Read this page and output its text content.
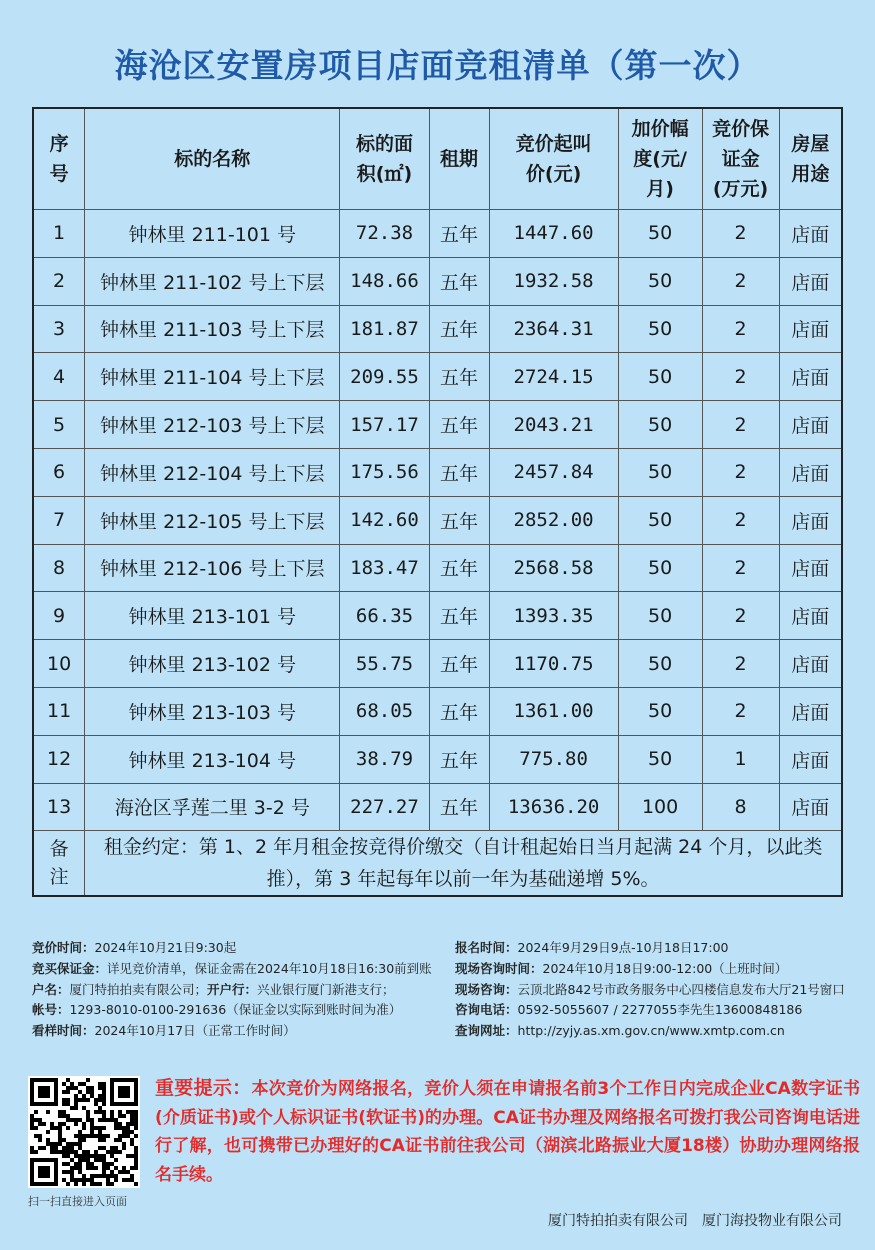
海沧区安置房项目店面竞租清单（第一次）
序号	标的名称	标的面积(㎡)	租期	竞价起叫价(元)	加价幅度(元/月)	竞价保证金(万元)	房屋用途

1	钟林里 211-101 号	72.38	五年	1447.60	50	2	店面
2	钟林里 211-102 号上下层	148.66	五年	1932.58	50	2	店面
3	钟林里 211-103 号上下层	181.87	五年	2364.31	50	2	店面
4	钟林里 211-104 号上下层	209.55	五年	2724.15	50	2	店面
5	钟林里 212-103 号上下层	157.17	五年	2043.21	50	2	店面
6	钟林里 212-104 号上下层	175.56	五年	2457.84	50	2	店面
7	钟林里 212-105 号上下层	142.60	五年	2852.00	50	2	店面
8	钟林里 212-106 号上下层	183.47	五年	2568.58	50	2	店面
9	钟林里 213-101 号	66.35	五年	1393.35	50	2	店面
10	钟林里 213-102 号	55.75	五年	1170.75	50	2	店面
11	钟林里 213-103 号	68.05	五年	1361.00	50	2	店面
12	钟林里 213-104 号	38.79	五年	775.80	50	1	店面
13	海沧区孚莲二里 3-2 号	227.27	五年	13636.20	100	8	店面

备注	租金约定：第 1、2 年月租金按竞得价缴交（自计租起始日当月起满 24 个月，以此类推），第 3 年起每年以前一年为基础递增 5%。						
竞价时间：2024年10月21日9:30起
竞买保证金：详见竞价清单，保证金需在2024年10月18日16:30前到账
户名：厦门特拍拍卖有限公司；开户行：兴业银行厦门新港支行；
帐号：1293-8010-0100-291636（保证金以实际到账时间为准）
看样时间：2024年10月17日（正常工作时间）
报名时间：2024年9月29日9点-10月18日17:00
现场咨询时间：2024年10月18日9:00-12:00（上班时间）
现场咨询：云顶北路842号市政务服务中心四楼信息发布大厅21号窗口
咨询电话：0592-5055607 / 2277055李先生13600848186
查询网址：http://zyjy.as.xm.gov.cn/www.xmtp.com.cn
扫一扫直接进入页面
重要提示：本次竞价为网络报名，竞价人须在申请报名前3个工作日内完成企业CA数字证书(介质证书)或个人标识证书(软证书)的办理。CA证书办理及网络报名可拨打我公司咨询电话进行了解，也可携带已办理好的CA证书前往我公司（湖滨北路振业大厦18楼）协助办理网络报名手续。
厦门特拍拍卖有限公司 厦门海投物业有限公司
